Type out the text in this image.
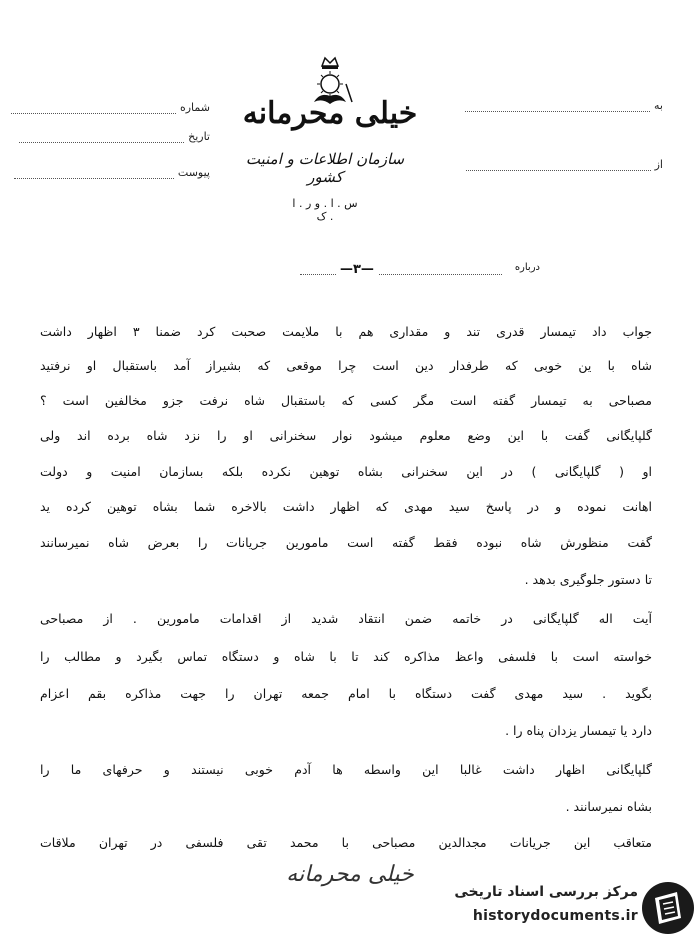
شماره
تاریخ
پیوست
به
از
خیلی محرمانه
سازمان اطلاعات و امنیت کشور
س . ا . و ر . ا . ک
درباره
—۳—
جواب داد تیمسار قدری تند و مقداری هم با ملایمت صحبت کرد ضمنا ۳ اظهار داشت
شاه با ین خوبی که طرفدار دین است چرا موقعی که بشیراز آمد باستقبال او نرفتید
مصباحی به تیمسار گفته است مگر کسی که باستقبال شاه نرفت جزو مخالفین است ؟
گلپایگانی گفت با این وضع معلوم میشود نوار سخنرانی او را نزد شاه برده اند ولی
او ( گلپایگانی ) در این سخنرانی بشاه توهین نکرده بلکه بسازمان امنیت و دولت
اهانت نموده و در پاسخ سید مهدی که اظهار داشت بالاخره شما بشاه توهین کرده ید
گفت منظورش شاه نبوده فقط گفته است مامورین جریانات را بعرض شاه نمیرسانند
تا دستور جلوگیری بدهد .
آیت اله گلپایگانی در خاتمه ضمن انتقاد شدید از اقدامات مامورین . از مصباحی
خواسته است با فلسفی واعظ مذاکره کند تا با شاه و دستگاه تماس بگیرد و مطالب را
بگوید . سید مهدی گفت دستگاه با امام جمعه تهران را جهت مذاکره بقم اعزام
دارد یا تیمسار یزدان پناه را .
گلپایگانی اظهار داشت غالبا این واسطه ها آدم خوبی نیستند و حرفهای ما را
بشاه نمیرسانند .
متعاقب این جریانات مجدالدین مصباحی با محمد تقی فلسفی در تهران ملاقات
خیلی محرمانه
مرکز بررسی اسناد تاریخی
historydocuments.ir
